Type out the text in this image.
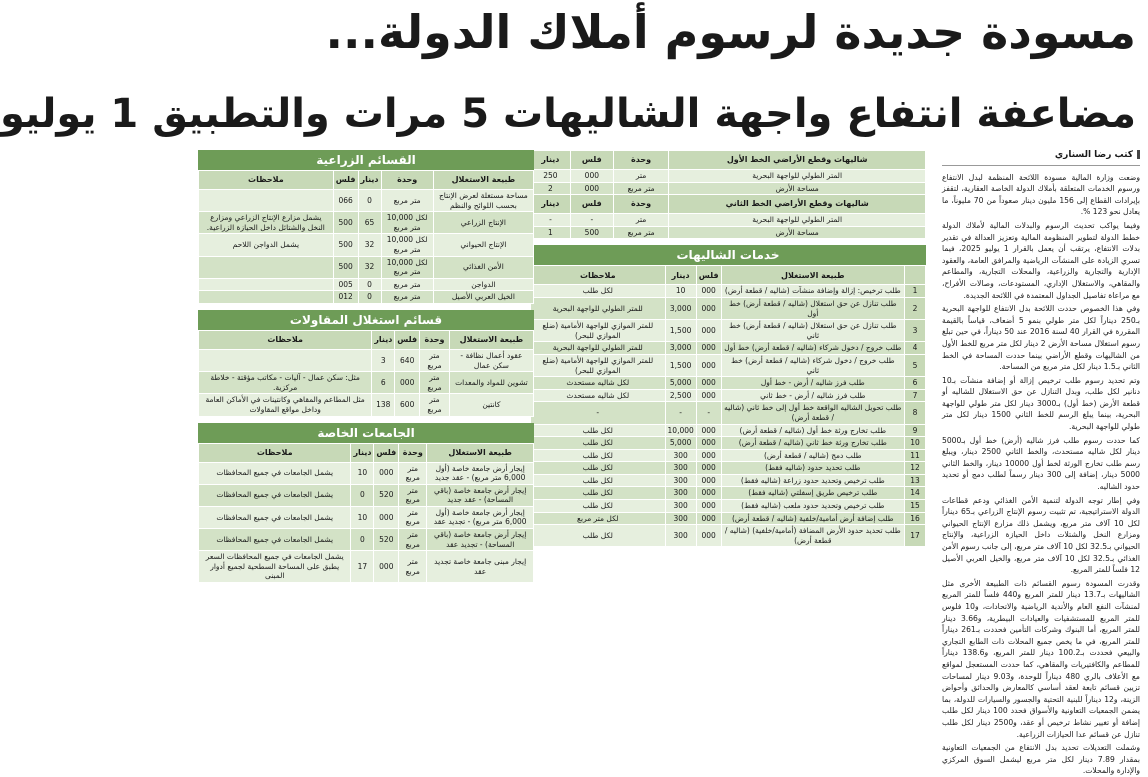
مسودة جديدة لرسوم أملاك الدولة...
مضاعفة انتفاع واجهة الشاليهات 5 مرات والتطبيق 1 يوليو
كتب رضا السناري

وضعت وزارة المالية مسودة اللائحة المنظمة لبدل الانتفاع ورسوم الخدمات المتعلقة بأملاك الدولة الخاصة العقارية، لتقفز بإيرادات القطاع إلى 156 مليون دينار صعوداً من 70 مليوناً، ما يعادل نحو 123 %.

وفيما يواكب تحديث الرسوم والبدلات المالية لأملاك الدولة خطط الدولة لتطوير المنظومة المالية وتعزيز العدالة في تقدير بدلات الانتفاع، يرتقب أن يعمل بالقرار 1 يوليو 2025، فيما تسري الزيادة على المنشآت الرياضية والمرافق العامة، والعقود الإدارية والتجارية والزراعية، والمحلات التجارية، والمطاعم والمقاهي، والاستغلال الإداري، المستودعات، وصالات الأفراح، مع مراعاة تفاصيل الجداول المعتمدة في اللائحة الجديدة.

وفي هذا الخصوص حددت اللائحة بدل الانتفاع للواجهة البحرية بـ250 ديناراً لكل متر طولي بنمو 5 أضعاف، قياساً بالقيمة المقررة في القرار 40 لسنة 2016 عند 50 ديناراً، في حين تبلغ رسوم استغلال مساحة الأرض 2 دينار لكل متر مربع للخط الأول من الشاليهات وقطع الأراضي بينما حددت المساحة في الخط الثاني بـ1.5 دينار لكل متر مربع من المساحة.

وتم تحديد رسوم طلب ترخيص إزالة أو إضافة منشآت بـ10 دنانير لكل طلب، وبدل التنازل عن حق الاستغلال للشاليه أو قطعة الأرض (خط أول) بـ3000 دينار لكل متر طولي للواجهة البحرية، بينما يبلغ الرسم للخط الثاني 1500 دينار لكل متر طولي للواجهة البحرية.

كما حددت رسوم طلب فرز شاليه (أرض) خط أول بـ5000 دينار لكل شاليه مستحدث، والخط الثاني 2500 دينار، ويبلغ رسم طلب تخارج الورثة لخط أول 10000 دينار، والخط الثاني 5000 دينار، إضافة إلى 300 دينار رسماً لطلب دمج أو تحديد حدود الشاليه.

وفي إطار توجه الدولة لتنمية الأمن الغذائي ودعم قطاعات الدولة الاستراتيجية، تم تثبيت رسوم الإنتاج الزراعي بـ65 ديناراً لكل 10 آلاف متر مربع، ويشمل ذلك مزارع الإنتاج الحيواني ومزارع النخل والشتلات داخل الحيازة الزراعية، والإنتاج الحيواني بـ32.5 لكل 10 آلاف متر مربع، إلى جانب رسوم الأمن الغذائي بـ32.5 لكل 10 آلاف متر مربع، والخيل العربي الأصيل 12 فلساً للمتر المربع.

وقدرت المسودة رسوم القسائم ذات الطبيعة الأخرى مثل الشاليهات بـ13.7 دينار للمتر المربع و440 فلساً للمتر المربع لمنشآت النفع العام والأندية الرياضية والاتحادات، و10 فلوس للمتر المربع للمستشفيات والعيادات البيطرية، و3.66 دينار للمتر المربع، أما البنوك وشركات التأمين فحددت بـ261 ديناراً للمتر المربع، في ما يخص جميع المحلات ذات الطابع التجاري والبيعي فحددت بـ100.2 دينار للمتر المربع، و138.6 ديناراً للمطاعم والكافتيريات والمقاهي، كما حددت المستعجل لمواقع مع الأعلاف بالري 480 ديناراً للوحدة، و9.03 دينار لمساحات تزيين قسائم تابعة لعقد أساسي كالمعارض والحدائق وأحواض الزينة، و12 ديناراً للبنية التحتية والجسور والسيارات للدولة، بما يضمن الجمعيات التعاونية والأسواق فحدد 100 دينار لكل طلب إضافة أو تغيير نشاط ترخيص أو عقد، و2500 دينار لكل طلب تنازل عن قسائم عدا الحيازات الزراعية.

وشملت التعديلات تحديد بدل الانتفاع من الجمعيات التعاونية بمقدار 7.89 دينار لكل متر مربع ليشمل السوق المركزي والإدارة والمحلات.

شاليهات وقطع الأراضي الخط الأول	وحدة	فلس	دينار
المتر الطولي للواجهة البحرية	متر	000	250
مساحة الأرض	متر مربع	000	2
شاليهات وقطع الأراضي الخط الثاني	وحدة	فلس	دينار
المتر الطولي للواجهة البحرية	متر	-	-
مساحة الأرض	متر مربع	500	1
خدمات الشاليهات
	طبيعة الاستغلال	فلس	دينار	ملاحظات
1	طلب ترخيص: إزالة وإضافة منشآت (شاليه / قطعة أرض)	000	10	لكل طلب
2	طلب تنازل عن حق استغلال (شاليه / قطعة أرض) خط أول	000	3,000	للمتر الطولي للواجهة البحرية
3	طلب تنازل عن حق استغلال (شاليه / قطعة أرض) خط ثاني	000	1,500	للمتر الموازي للواجهة الأمامية (ضلع الموازي للبحر)
4	طلب خروج / دخول شركاء (شاليه / قطعة أرض) خط أول	000	3,000	للمتر الطولي للواجهة البحرية
5	طلب خروج / دخول شركاء (شاليه / قطعة أرض) خط ثاني	000	1,500	للمتر الموازي للواجهة الأمامية (ضلع الموازي للبحر)
6	طلب فرز شاليه / أرض - خط أول	000	5,000	لكل شاليه مستحدث
7	طلب فرز شاليه / أرض - خط ثاني	000	2,500	لكل شاليه مستحدث
8	طلب تحويل الشاليه الواقعة خط أول إلى خط ثاني (شاليه / قطعة أرض)	-	-	-
9	طلب تخارج ورثة خط أول (شاليه / قطعة أرض)	000	10,000	لكل طلب
10	طلب تخارج ورثة خط ثاني (شاليه / قطعة أرض)	000	5,000	لكل طلب
11	طلب دمج (شاليه / قطعة أرض)	000	300	لكل طلب
12	طلب تحديد حدود (شاليه فقط)	000	300	لكل طلب
13	طلب ترخيص وتحديد حدود زراعة (شاليه فقط)	000	300	لكل طلب
14	طلب ترخيص طريق إسفلتي (شاليه فقط)	000	300	لكل طلب
15	طلب ترخيص وتحديد حدود ملعب (شاليه فقط)	000	300	لكل طلب
16	طلب إضافة أرض أمامية/خلفية (شاليه / قطعة أرض)	000	300	لكل متر مربع
17	طلب تحديد حدود الأرض المضافة (أمامية/خلفية) (شاليه / قطعة أرض)	000	300	لكل طلب
القسائم الزراعية
طبيعة الاستغلال	وحدة	دينار	فلس	ملاحظات
مساحة مستغلة لعرض الإنتاج بحسب اللوائح والنظم	متر مربع	0	066	
الإنتاج الزراعي	لكل 10,000 متر مربع	65	500	يشمل مزارع الإنتاج الزراعي ومزارع النخل والشتائل داخل الحيازة الزراعية.
الإنتاج الحيواني	لكل 10,000 متر مربع	32	500	يشمل الدواجن اللاحم
الأمن الغذائي	لكل 10,000 متر مربع	32	500	
الدواجن	متر مربع	0	005	
الخيل العربي الأصيل	متر مربع	0	012	
قسائم استغلال المقاولات
طبيعة الاستغلال	وحدة	فلس	دينار	ملاحظات
عقود أعمال نظافة - سكن عمال	متر مربع	640	3	
تشوين للمواد والمعدات	متر مربع	000	6	مثل: سكن عمال - آليات - مكاتب مؤقتة - خلاطة مركزية.
كانتين	متر مربع	600	138	مثل المطاعم والمقاهي وكانتينات في الأماكن العامة وداخل مواقع المقاولات
الجامعات الخاصة
طبيعة الاستغلال	وحدة	فلس	دينار	ملاحظات
إيجار أرض جامعة خاصة (أول 6,000 متر مربع) - عقد جديد	متر مربع	000	10	يشمل الجامعات في جميع المحافظات
إيجار أرض جامعة خاصة (باقي المساحة) - عقد جديد	متر مربع	520	0	يشمل الجامعات في جميع المحافظات
إيجار أرض جامعة خاصة (أول 6,000 متر مربع) - تجديد عقد	متر مربع	000	10	يشمل الجامعات في جميع المحافظات
إيجار أرض جامعة خاصة (باقي المساحة) - تجديد عقد	متر مربع	520	0	يشمل الجامعات في جميع المحافظات
إيجار مبنى جامعة خاصة تجديد عقد	متر مربع	000	17	يشمل الجامعات في جميع المحافظات السعر يطبق على المساحة السطحية لجميع أدوار المبنى
